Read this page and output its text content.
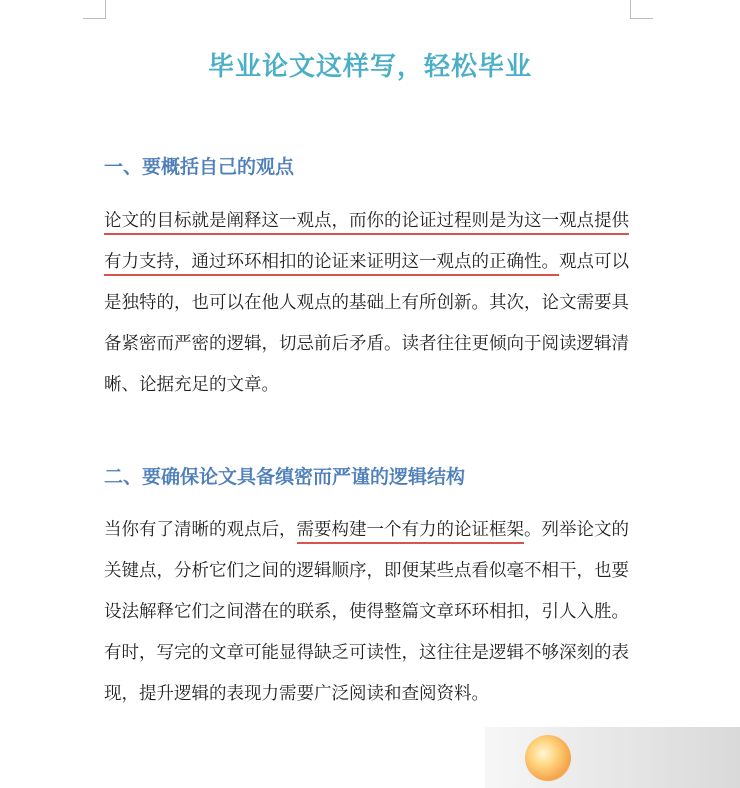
毕业论文这样写，轻松毕业
一、要概括自己的观点
论文的目标就是阐释这一观点，而你的论证过程则是为这一观点提供
有力支持，通过环环相扣的论证来证明这一观点的正确性。观点可以
是独特的，也可以在他人观点的基础上有所创新。其次，论文需要具
备紧密而严密的逻辑，切忌前后矛盾。读者往往更倾向于阅读逻辑清
晰、论据充足的文章。
二、要确保论文具备缜密而严谨的逻辑结构
当你有了清晰的观点后，需要构建一个有力的论证框架。列举论文的
关键点，分析它们之间的逻辑顺序，即便某些点看似毫不相干，也要
设法解释它们之间潜在的联系，使得整篇文章环环相扣，引人入胜。
有时，写完的文章可能显得缺乏可读性，这往往是逻辑不够深刻的表
现，提升逻辑的表现力需要广泛阅读和查阅资料。
